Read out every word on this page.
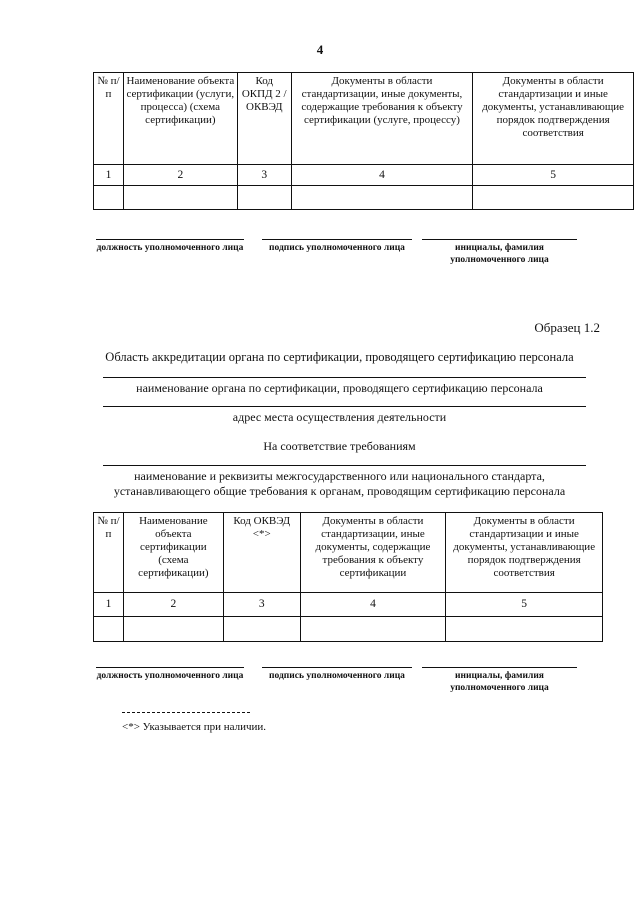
4
№ п/п	Наименование объекта сертификации (услуги, процесса) (схема сертификации)	Код ОКПД 2 / ОКВЭД	Документы в области стандартизации, иные документы, содержащие требования к объекту сертификации (услуге, процессу)	Документы в области стандартизации и иные документы, устанавливающие порядок подтверждения соответствия
1	2	3	4	5

должность уполномоченного лица	подпись уполномоченного лица	инициалы, фамилия уполномоченного лица
Образец 1.2
Область аккредитации органа по сертификации, проводящего сертификацию персонала
наименование органа по сертификации, проводящего сертификацию персонала
адрес места осуществления деятельности
На соответствие требованиям
наименование и реквизиты межгосударственного или национального стандарта, устанавливающего общие требования к органам, проводящим сертификацию персонала
№ п/п	Наименование объекта сертификации (схема сертификации)	Код ОКВЭД <*>	Документы в области стандартизации, иные документы, содержащие требования к объекту сертификации	Документы в области стандартизации и иные документы, устанавливающие порядок подтверждения соответствия
1	2	3	4	5

должность уполномоченного лица	подпись уполномоченного лица	инициалы, фамилия уполномоченного лица
<*> Указывается при наличии.
